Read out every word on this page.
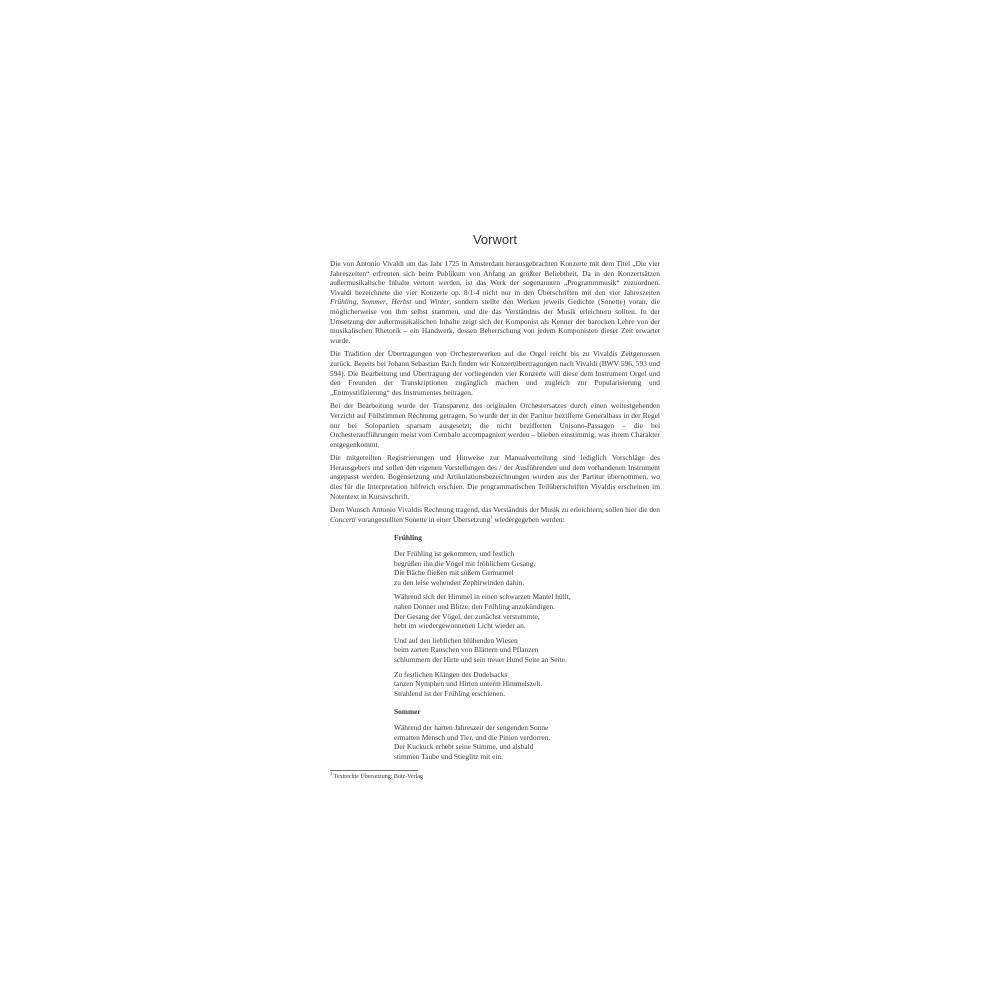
Vorwort

Die von Antonio Vivaldi um das Jahr 1725 in Amsterdam herausgebrachten Konzerte mit dem Titel „Die vier Jahreszeiten“ erfreuten sich beim Publikum von Anfang an größter Beliebtheit. Da in den Konzertsätzen außermusikalische Inhalte vertont werden, ist das Werk der sogenannten „Programmmusik“ zuzuordnen. Vivaldi bezeichnete die vier Konzerte op. 8/1-4 nicht nur in den Überschriften mit den vier Jahreszeiten Frühling, Sommer, Herbst und Winter, sondern stellte den Werken jeweils Gedichte (Sonette) voran, die möglicherweise von ihm selbst stammen, und die das Verständnis der Musik erleichtern sollten. In der Umsetzung der außermusikalischen Inhalte zeigt sich der Komponist als Kenner der barocken Lehre von der musikalischen Rhetorik – ein Handwerk, dessen Beherrschung von jedem Komponisten dieser Zeit erwartet wurde.

Die Tradition der Übertragungen von Orchesterwerken auf die Orgel reicht bis zu Vivaldis Zeitgenossen zurück. Bereits bei Johann Sebastian Bach finden wir Konzertübertragungen nach Vivaldi (BWV 596, 593 und 594). Die Bearbeitung und Übertragung der vorliegenden vier Konzerte will diese dem Instrument Orgel und den Freunden der Transkriptionen zugänglich machen und zugleich zur Popularisierung und „Entmystifizierung“ des Instrumentes beitragen.

Bei der Bearbeitung wurde der Transparenz des originalen Orchestersatzes durch einen weitestgehenden Verzicht auf Füllstimmen Rechnung getragen. So wurde der in der Partitur bezifferte Generalbass in der Regel nur bei Solopartien sparsam ausgesetzt; die nicht bezifferten Unisono-Passagen – die bei Orchesteraufführungen meist vom Cembalo accompagniert werden – blieben einstimmig, was ihrem Charakter entgegenkommt.

Die mitgeteilten Registrierungen und Hinweise zur Manualverteilung sind lediglich Vorschläge des Herausgebers und sollen den eigenen Vorstellungen des / der Ausführenden und dem vorhandenen Instrument angepasst werden. Bogensetzung und Artikulationsbezeichnungen wurden aus der Partitur übernommen, wo dies für die Interpretation hilfreich erschien. Die programmatischen Teilüberschriften Vivaldis erscheinen im Notentext in Kursivschrift.

Dem Wunsch Antonio Vivaldis Rechnung tragend, das Verständnis der Musik zu erleichtern, sollen hier die den Concerti vorangestellten Sonette in einer Übersetzung$^1$ wiedergegeben werden:

Frühling
Der Frühling ist gekommen, und festlich
begrüßen ihn die Vögel mit fröhlichem Gesang.
Die Bäche fließen mit süßem Gemurmel
zu den leise wehenden Zephirwinden dahin.
Während sich der Himmel in einen schwarzen Mantel hüllt,
nahen Donner und Blitze, den Frühling anzukündigen.
Der Gesang der Vögel, der zunächst verstummte,
hebt im wiedergewonnenen Licht wieder an.
Und auf den lieblichen blühenden Wiesen
beim zarten Rauschen von Blättern und Pflanzen
schlummern der Hirte und sein treuer Hund Seite an Seite.
Zu festlichen Klängen des Dudelsacks
tanzen Nymphen und Hirten unterm Himmelszelt.
Strahlend ist der Frühling erschienen.
Sommer
Während der harten Jahreszeit der sengenden Sonne
ermatten Mensch und Tier, und die Pinien verdorren.
Der Kuckuck erhebt seine Stimme, und alsbald
stimmen Taube und Stieglitz mit ein.
$^1$ Textrechte Übersetzung: Butz-Verlag
